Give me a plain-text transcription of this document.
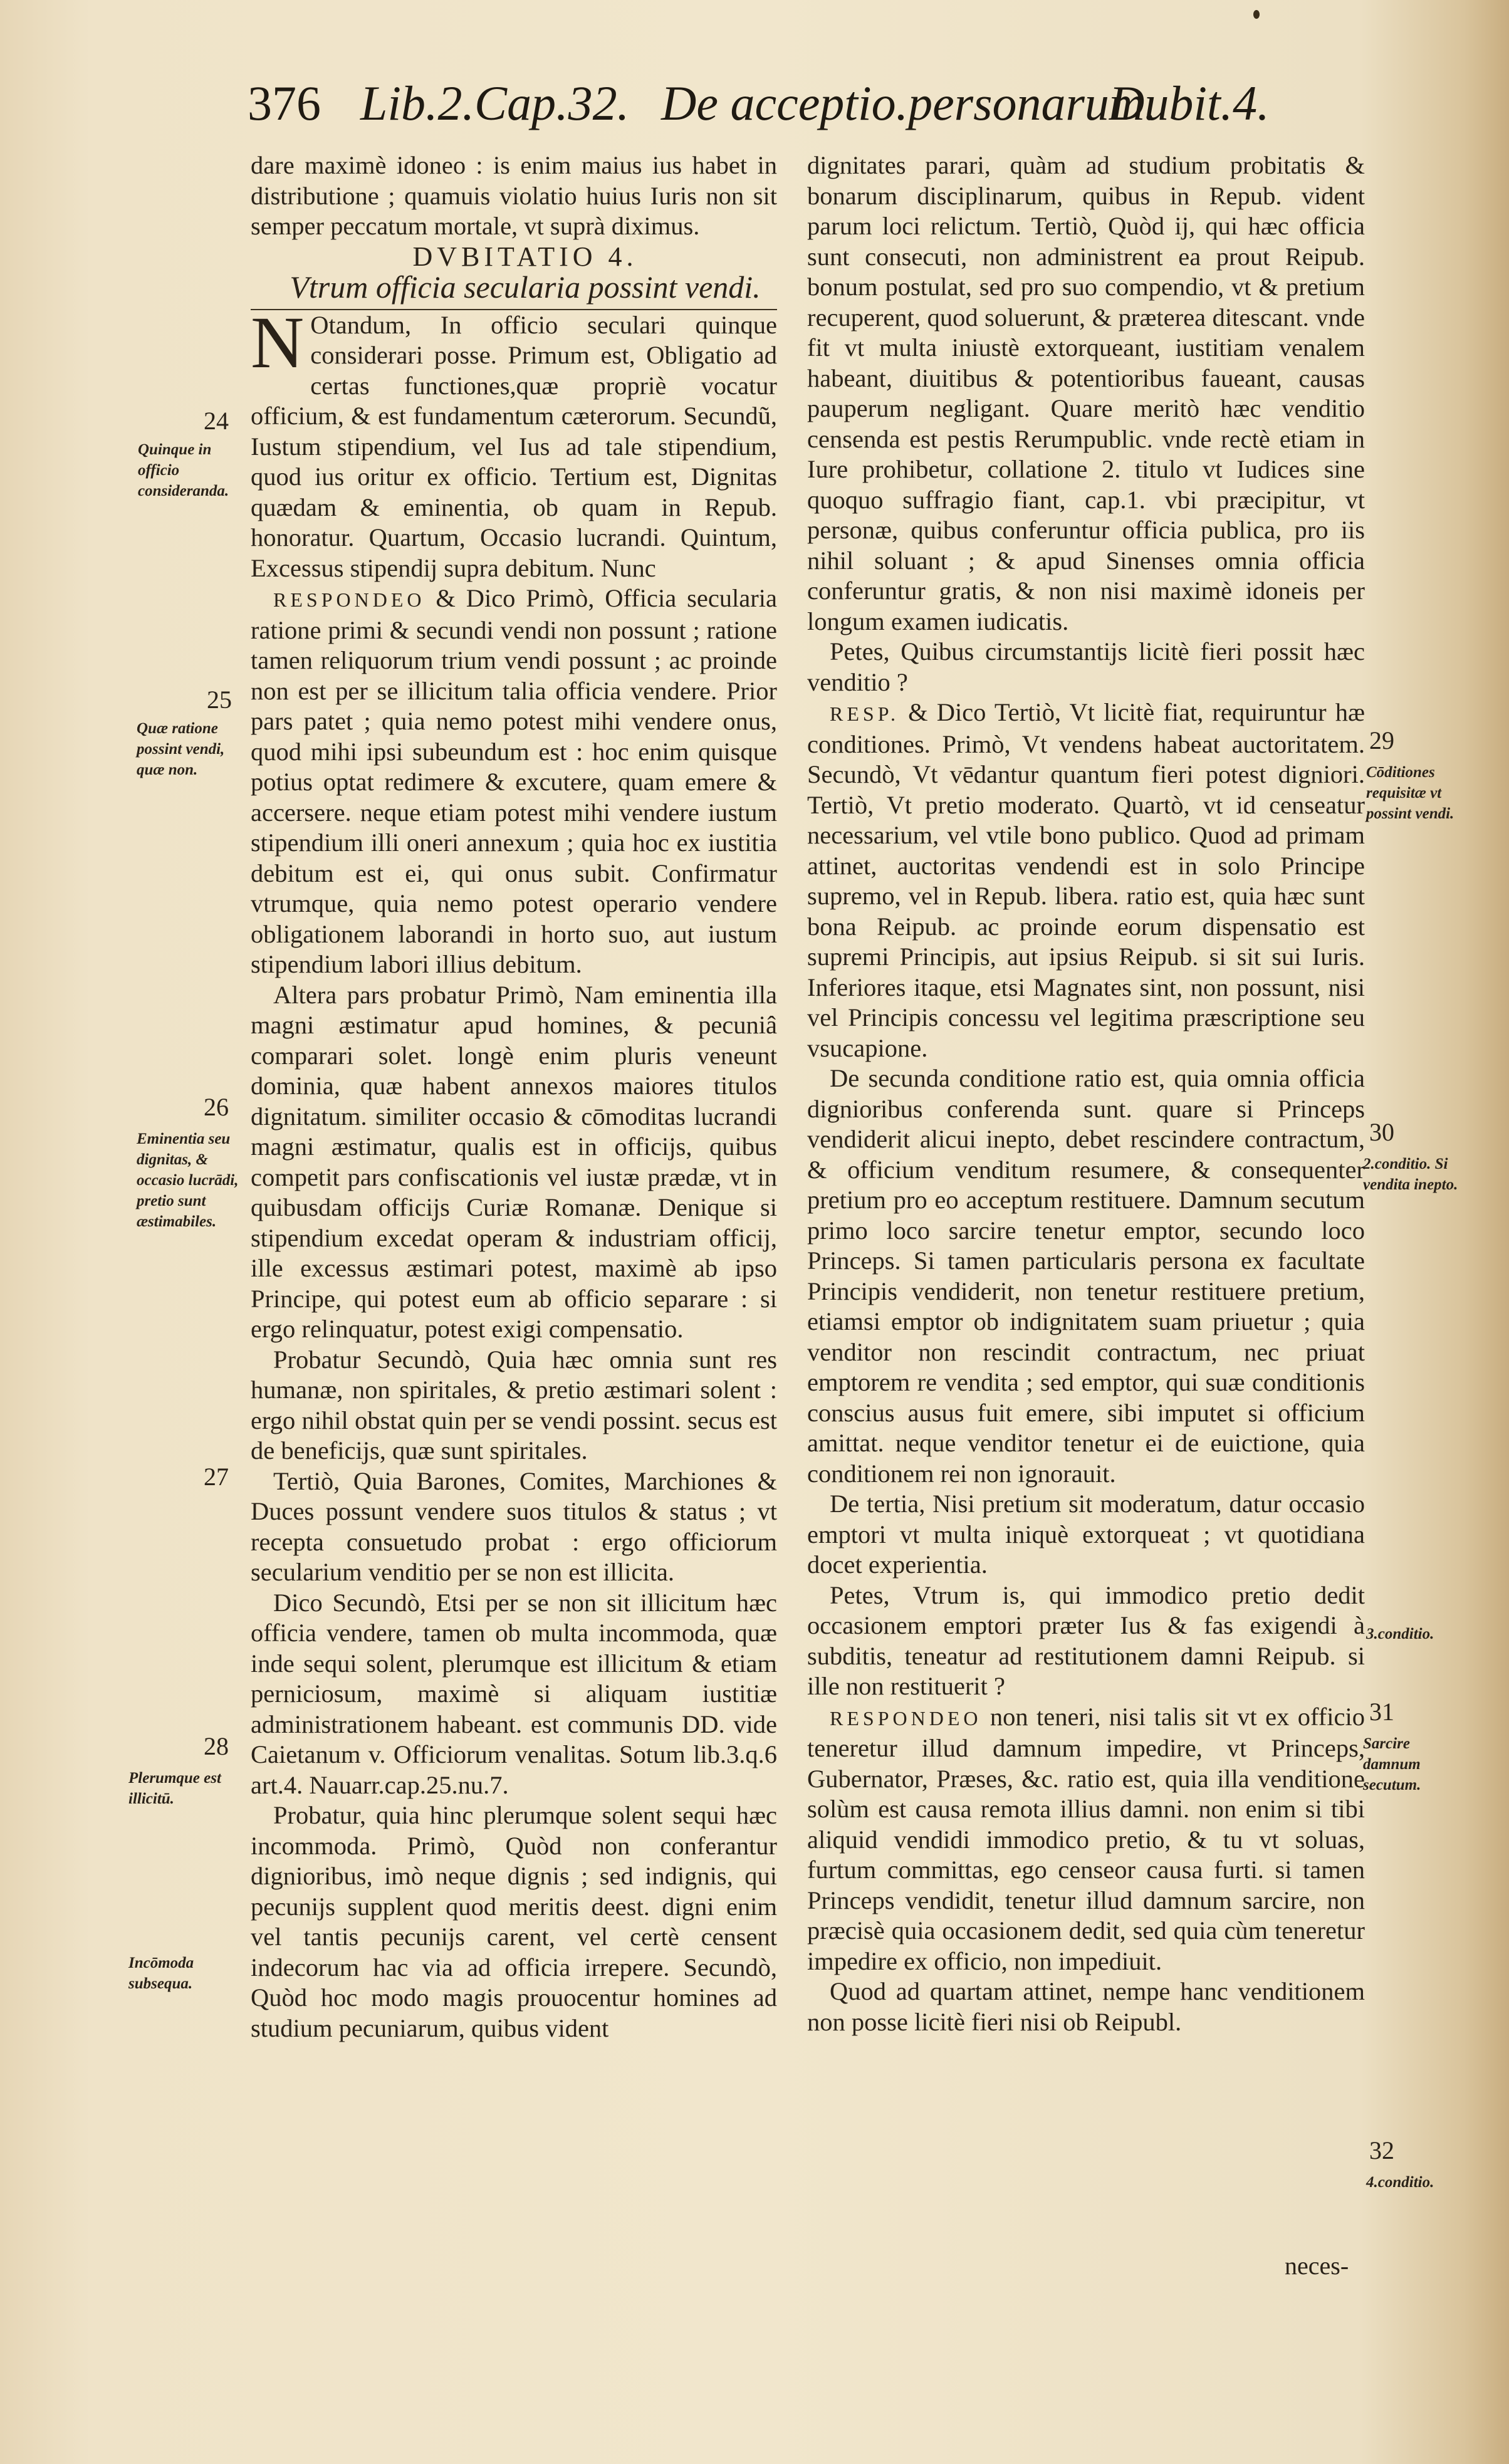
376 Lib.2.Cap.32. De acceptio.personarum.
Dubit.4.

dare maximè idoneo : is enim maius ius habet in distributione ; quamuis violatio huius Iuris non sit semper peccatum mortale, vt suprà diximus.

DVBITATIO 4.

Vtrum officia secularia possint vendi.

N Otandum, In officio seculari quinque considerari posse. Primum est, Obligatio ad certas functiones,quæ propriè vocatur officium, & est fundamentum cæterorum. Secundũ, Iustum stipendium, vel Ius ad tale stipendium, quod ius oritur ex officio. Tertium est, Dignitas quædam & eminentia, ob quam in Repub. honoratur. Quartum, Occasio lucrandi. Quintum, Excessus stipendij supra debitum. Nunc

RESPONDEO & Dico Primò, Officia secularia ratione primi & secundi vendi non possunt ; ratione tamen reliquorum trium vendi possunt ; ac proinde non est per se illicitum talia officia vendere. Prior pars patet ; quia nemo potest mihi vendere onus, quod mihi ipsi subeundum est : hoc enim quisque potius optat redimere & excutere, quam emere & accersere. neque etiam potest mihi vendere iustum stipendium illi oneri annexum ; quia hoc ex iustitia debitum est ei, qui onus subit. Confirmatur vtrumque, quia nemo potest operario vendere obligationem laborandi in horto suo, aut iustum stipendium labori illius debitum.

Altera pars probatur Primò, Nam eminentia illa magni æstimatur apud homines, & pecuniâ comparari solet. longè enim pluris veneunt dominia, quæ habent annexos maiores titulos dignitatum. similiter occasio & cōmoditas lucrandi magni æstimatur, qualis est in officijs, quibus competit pars confiscationis vel iustæ prædæ, vt in quibusdam officijs Curiæ Romanæ. Denique si stipendium excedat operam & industriam officij, ille excessus æstimari potest, maximè ab ipso Principe, qui potest eum ab officio separare : si ergo relinquatur, potest exigi compensatio.

Probatur Secundò, Quia hæc omnia sunt res humanæ, non spiritales, & pretio æstimari solent : ergo nihil obstat quin per se vendi possint. secus est de beneficijs, quæ sunt spiritales.

Tertiò, Quia Barones, Comites, Marchiones & Duces possunt vendere suos titulos & status ; vt recepta consuetudo probat : ergo officiorum secularium venditio per se non est illicita.

Dico Secundò, Etsi per se non sit illicitum hæc officia vendere, tamen ob multa incommoda, quæ inde sequi solent, plerumque est illicitum & etiam perniciosum, maximè si aliquam iustitiæ administrationem habeant. est communis DD. vide Caietanum v. Officiorum venalitas. Sotum lib.3.q.6 art.4. Nauarr.cap.25.nu.7.

Probatur, quia hinc plerumque solent sequi hæc incommoda. Primò, Quòd non conferantur dignioribus, imò neque dignis ; sed indignis, qui pecunijs supplent quod meritis deest. digni enim vel tantis pecunijs carent, vel certè censent indecorum hac via ad officia irrepere. Secundò, Quòd hoc modo magis prouocentur homines ad studium pecuniarum, quibus vident

dignitates parari, quàm ad studium probitatis & bonarum disciplinarum, quibus in Repub. vident parum loci relictum. Tertiò, Quòd ij, qui hæc officia sunt consecuti, non administrent ea prout Reipub. bonum postulat, sed pro suo compendio, vt & pretium recuperent, quod soluerunt, & præterea ditescant. vnde fit vt multa iniustè extorqueant, iustitiam venalem habeant, diuitibus & potentioribus faueant, causas pauperum negligant. Quare meritò hæc venditio censenda est pestis Rerumpublic. vnde rectè etiam in Iure prohibetur, collatione 2. titulo vt Iudices sine quoquo suffragio fiant, cap.1. vbi præcipitur, vt personæ, quibus conferuntur officia publica, pro iis nihil soluant ; & apud Sinenses omnia officia conferuntur gratis, & non nisi maximè idoneis per longum examen iudicatis.

Petes, Quibus circumstantijs licitè fieri possit hæc venditio ?

RESP. & Dico Tertiò, Vt licitè fiat, requiruntur hæ conditiones. Primò, Vt vendens habeat auctoritatem. Secundò, Vt vēdantur quantum fieri potest digniori. Tertiò, Vt pretio moderato. Quartò, vt id censeatur necessarium, vel vtile bono publico. Quod ad primam attinet, auctoritas vendendi est in solo Principe supremo, vel in Repub. libera. ratio est, quia hæc sunt bona Reipub. ac proinde eorum dispensatio est supremi Principis, aut ipsius Reipub. si sit sui Iuris. Inferiores itaque, etsi Magnates sint, non possunt, nisi vel Principis concessu vel legitima præscriptione seu vsucapione.

De secunda conditione ratio est, quia omnia officia dignioribus conferenda sunt. quare si Princeps vendiderit alicui inepto, debet rescindere contractum, & officium venditum resumere, & consequenter pretium pro eo acceptum restituere. Damnum secutum primo loco sarcire tenetur emptor, secundo loco Princeps. Si tamen particularis persona ex facultate Principis vendiderit, non tenetur restituere pretium, etiamsi emptor ob indignitatem suam priuetur ; quia venditor non rescindit contractum, nec priuat emptorem re vendita ; sed emptor, qui suæ conditionis conscius ausus fuit emere, sibi imputet si officium amittat. neque venditor tenetur ei de euictione, quia conditionem rei non ignorauit.

De tertia, Nisi pretium sit moderatum, datur occasio emptori vt multa iniquè extorqueat ; vt quotidiana docet experientia.

Petes, Vtrum is, qui immodico pretio dedit occasionem emptori præter Ius & fas exigendi à subditis, teneatur ad restitutionem damni Reipub. si ille non restituerit ?

RESPONDEO non teneri, nisi talis sit vt ex officio teneretur illud damnum impedire, vt Princeps, Gubernator, Præses, &c. ratio est, quia illa venditione solùm est causa remota illius damni. non enim si tibi aliquid vendidi immodico pretio, & tu vt soluas, furtum committas, ego censeor causa furti. si tamen Princeps vendidit, tenetur illud damnum sarcire, non præcisè quia occasionem dedit, sed quia cùm teneretur impedire ex officio, non impediuit.

Quod ad quartam attinet, nempe hanc venditionem non posse licitè fieri nisi ob Reipubl.

neces-
24
Quinque in officio consideranda.
25
Quæ ratione possint vendi, quæ non.
26
Eminentia seu dignitas, & occasio lucrādi, pretio sunt æstimabiles.
27
28
Plerumque est illicitū.
Incōmoda subsequa.
29
Cōditiones requisitæ vt possint vendi.
30
2.conditio. Si vendita inepto.
3.conditio.
31
Sarcire damnum secutum.
32
4.conditio.
